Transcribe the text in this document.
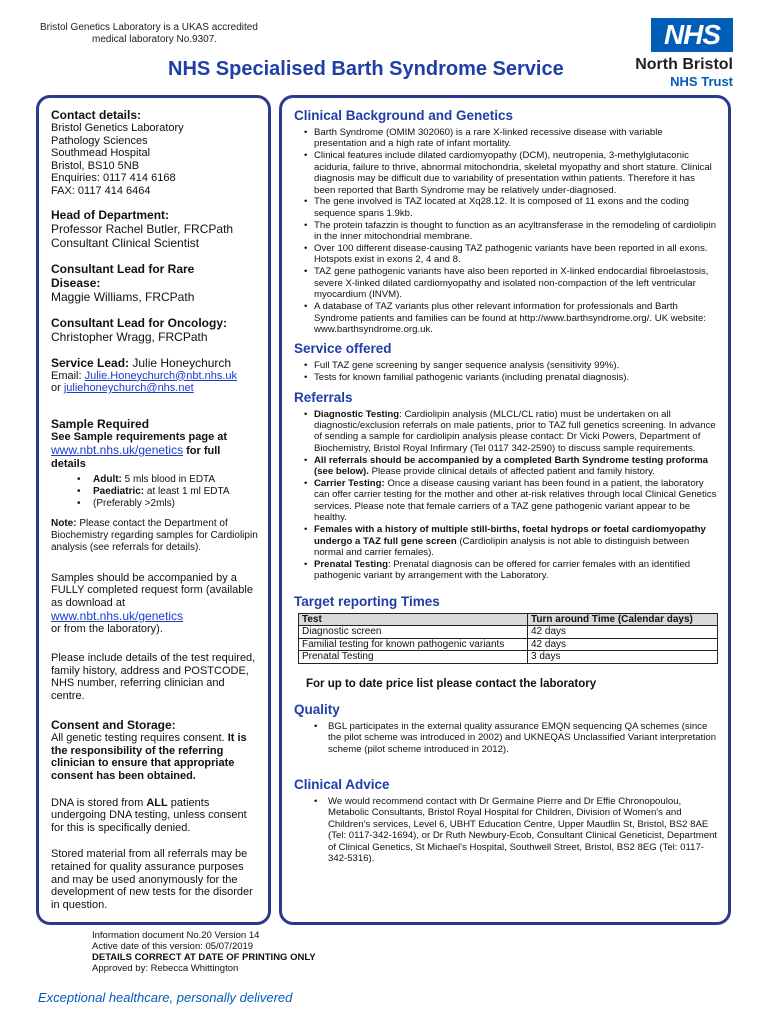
Bristol Genetics Laboratory is a UKAS accredited
medical laboratory No.9307.
NHS Specialised Barth Syndrome Service
NHS
North Bristol
NHS Trust
Contact details:
Bristol Genetics Laboratory
Pathology Sciences
Southmead Hospital
Bristol, BS10 5NB
Enquiries: 0117 414 6168
FAX: 0117 414 6464
Head of Department:
Professor Rachel Butler, FRCPath
Consultant Clinical Scientist
Consultant Lead for Rare
Disease:
Maggie Williams, FRCPath
Consultant Lead for Oncology:
Christopher Wragg, FRCPath
Service Lead: Julie Honeychurch
Email: Julie.Honeychurch@nbt.nhs.uk
or juliehoneychurch@nhs.net
Sample Required
See Sample requirements page at
www.nbt.nhs.uk/genetics for full
details
• Adult: 5 mls blood in EDTA
• Paediatric: at least 1 ml EDTA
• (Preferably >2mls)
Note: Please contact the Department of Biochemistry regarding samples for Cardiolipin analysis (see referrals for details).
Samples should be accompanied by a FULLY completed request form (available as download at
www.nbt.nhs.uk/genetics
or from the laboratory).
Please include details of the test required, family history, address and POSTCODE, NHS number, referring clinician and centre.
Consent and Storage:
All genetic testing requires consent. It is the responsibility of the referring clinician to ensure that appropriate consent has been obtained.
DNA is stored from ALL patients undergoing DNA testing, unless consent for this is specifically denied.
Stored material from all referrals may be retained for quality assurance purposes and may be used anonymously for the development of new tests for the disorder in question.
Clinical Background and Genetics
• Barth Syndrome (OMIM 302060) is a rare X-linked recessive disease with variable presentation and a high rate of infant mortality.
• Clinical features include dilated cardiomyopathy (DCM), neutropenia, 3-methylglutaconic aciduria, failure to thrive, abnormal mitochondria, skeletal myopathy and short stature. Clinical diagnosis may be difficult due to variability of presentation within patients. Therefore it has been reported that Barth Syndrome may be relatively under-diagnosed.
• The gene involved is TAZ located at Xq28.12. It is composed of 11 exons and the coding sequence spans 1.9kb.
• The protein tafazzin is thought to function as an acyltransferase in the remodeling of cardiolipin in the inner mitochondrial membrane.
• Over 100 different disease-causing TAZ pathogenic variants have been reported in all exons. Hotspots exist in exons 2, 4 and 8.
• TAZ gene pathogenic variants have also been reported in X-linked endocardial fibroelastosis, severe X-linked dilated cardiomyopathy and isolated non-compaction of the left ventricular myocardium (INVM).
• A database of TAZ variants plus other relevant information for professionals and Barth Syndrome patients and families can be found at http://www.barthsyndrome.org/. UK website: www.barthsyndrome.org.uk.
Service offered
• Full TAZ gene screening by sanger sequence analysis (sensitivity 99%).
• Tests for known familial pathogenic variants (including prenatal diagnosis).
Referrals
• Diagnostic Testing: Cardiolipin analysis (MLCL/CL ratio) must be undertaken on all diagnostic/exclusion referrals on male patients, prior to TAZ full genetics screening. In advance of sending a sample for cardiolipin analysis please contact: Dr Vicki Powers, Department of Biochemistry, Bristol Royal Infirmary (Tel 0117 342-2590) to discuss sample requirements.
• All referrals should be accompanied by a completed Barth Syndrome testing proforma (see below). Please provide clinical details of affected patient and family history.
• Carrier Testing: Once a disease causing variant has been found in a patient, the laboratory can offer carrier testing for the mother and other at-risk relatives through local Clinical Genetics services. Please note that female carriers of a TAZ gene pathogenic variant appear to be healthy.
• Females with a history of multiple still-births, foetal hydrops or foetal cardiomyopathy undergo a TAZ full gene screen (Cardiolipin analysis is not able to distinguish between normal and carrier females).
• Prenatal Testing: Prenatal diagnosis can be offered for carrier females with an identified pathogenic variant by arrangement with the Laboratory.
Target reporting Times
Test	Turn around Time (Calendar days)
Diagnostic screen	42 days
Familial testing for known pathogenic variants	42 days
Prenatal Testing	3 days
For up to date price list please contact the laboratory
Quality
• BGL participates in the external quality assurance EMQN sequencing QA schemes (since the pilot scheme was introduced in 2002) and UKNEQAS Unclassified Variant interpretation scheme (pilot scheme introduced in 2012).
Clinical Advice
• We would recommend contact with Dr Germaine Pierre and Dr Effie Chronopoulou, Metabolic Consultants, Bristol Royal Hospital for Children, Division of Women's and Children's services, Level 6, UBHT Education Centre, Upper Maudlin St, Bristol, BS2 8AE (Tel: 0117-342-1694), or Dr Ruth Newbury-Ecob, Consultant Clinical Geneticist, Department of Clinical Genetics, St Michael's Hospital, Southwell Street, Bristol, BS2 8EG (Tel: 0117-342-5316).
Information document No.20 Version 14
Active date of this version: 05/07/2019
DETAILS CORRECT AT DATE OF PRINTING ONLY
Approved by: Rebecca Whittington
Exceptional healthcare, personally delivered
